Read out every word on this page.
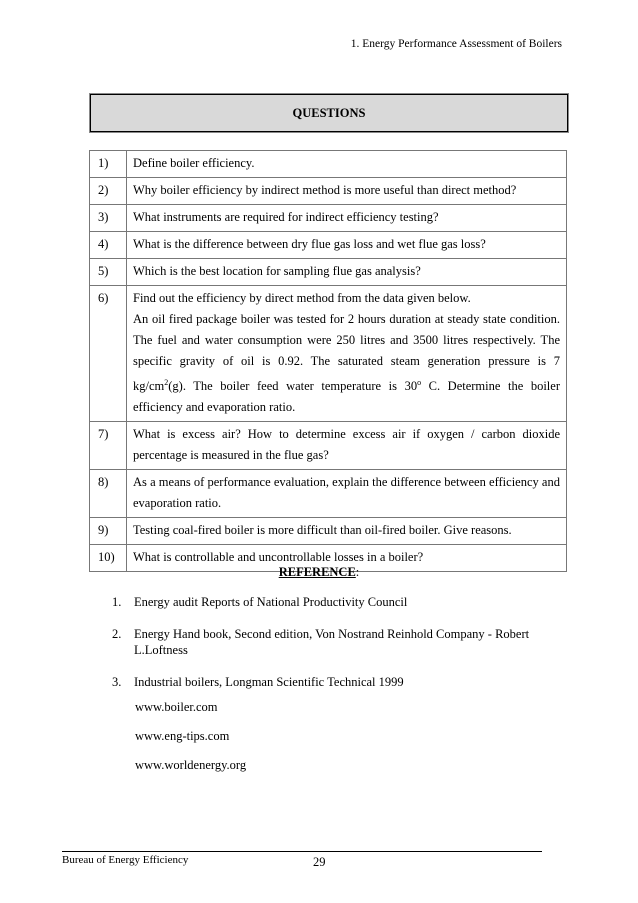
1. Energy Performance Assessment of Boilers
QUESTIONS
1)	Define boiler efficiency.
2)	Why boiler efficiency by indirect method is more useful than direct method?
3)	What instruments are required for indirect efficiency testing?
4)	What is the difference between dry flue gas loss and wet flue gas loss?
5)	Which is the best location for sampling flue gas analysis?
6)	Find out the efficiency by direct method from the data given below.
An oil fired package boiler was tested for 2 hours duration at steady state condition. The fuel and water consumption were 250 litres and 3500 litres respectively. The specific gravity of oil is 0.92. The saturated steam generation pressure is 7 $kg/cm^2(g)$. The boiler feed water temperature is 30$^o$ C. Determine the boiler efficiency and evaporation ratio.

7)	What is excess air? How to determine excess air if oxygen / carbon dioxide percentage is measured in the flue gas?
8)	As a means of performance evaluation, explain the difference between efficiency and evaporation ratio.
9)	Testing coal-fired boiler is more difficult than oil-fired boiler. Give reasons.
10)	What is controllable and uncontrollable losses in a boiler?
REFERENCE:
1.	Energy audit Reports of National Productivity Council
2.	Energy Hand book, Second edition, Von Nostrand Reinhold Company - Robert L.Loftness
3.	Industrial boilers, Longman Scientific Technical 1999
www.boiler.com
www.eng-tips.com
www.worldenergy.org
Bureau of Energy Efficiency	29
